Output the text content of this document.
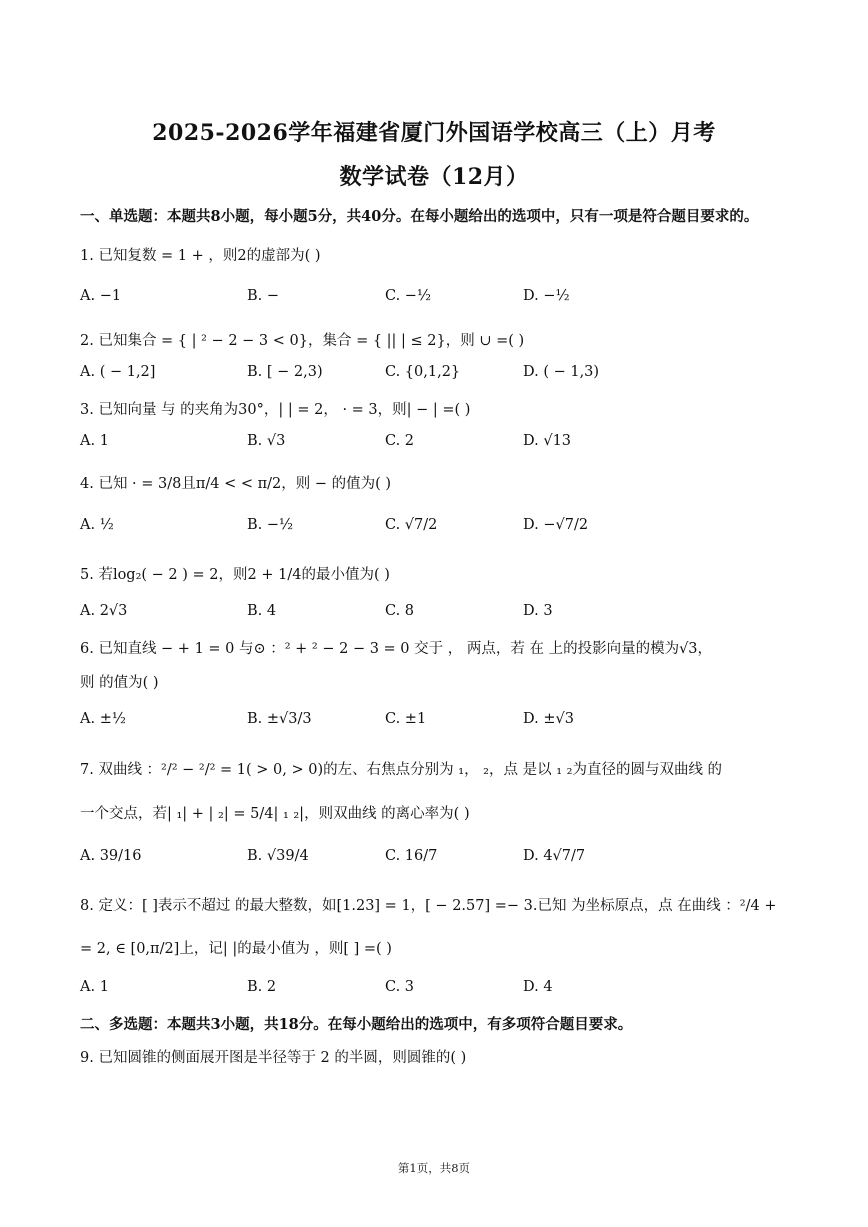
2025-2026学年福建省厦门外国语学校高三（上）月考
数学试卷（12月）
一、单选题：本题共8小题，每小题5分，共40分。在每小题给出的选项中，只有一项是符合题目要求的。
1. 已知复数 = 1 + ，则2的虚部为( )
A. −1	B. −	C. −½	D. −½
2. 已知集合 = { | ² − 2 − 3 < 0}，集合 = { || | ≤ 2}，则 ∪ =( )
A. ( − 1,2]	B. [ − 2,3)	C. {0,1,2}	D. ( − 1,3)
3. 已知向量 与 的夹角为30°，| | = 2， · = 3，则| − | =( )
A. 1	B. √3	C. 2	D. √13
4. 已知 · = 3/8且π/4 < < π/2，则 − 的值为( )
A. ½	B. −½	C. √7/2	D. −√7/2
5. 若log₂( − 2 ) = 2，则2 + 1/4的最小值为( )
A. 2√3	B. 4	C. 8	D. 3
6. 已知直线 − + 1 = 0 与⊙ ：² + ² − 2 − 3 = 0 交于 ， 两点，若 在 上的投影向量的模为√3，
则 的值为( )
A. ±½	B. ±√3/3	C. ±1	D. ±√3
7. 双曲线 ：²/² − ²/² = 1( > 0, > 0)的左、右焦点分别为 ₁， ₂，点 是以 ₁ ₂为直径的圆与双曲线 的
一个交点，若| ₁| + | ₂| = 5/4| ₁ ₂|，则双曲线 的离心率为( )
A. 39/16	B. √39/4	C. 16/7	D. 4√7/7
8. 定义：[ ]表示不超过 的最大整数，如[1.23] = 1，[ − 2.57] =− 3.已知 为坐标原点，点 在曲线 ：²/4 +
= 2, ∈ [0,π/2]上，记| |的最小值为 ，则[ ] =( )
A. 1	B. 2	C. 3	D. 4
二、多选题：本题共3小题，共18分。在每小题给出的选项中，有多项符合题目要求。
9. 已知圆锥的侧面展开图是半径等于 2 的半圆，则圆锥的( )
第1页，共8页
